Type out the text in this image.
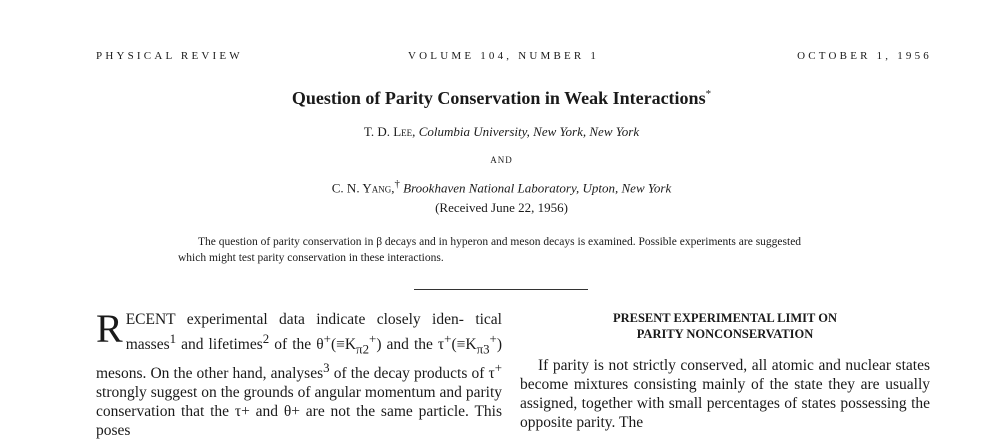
PHYSICAL REVIEW	VOLUME 104, NUMBER 1	OCTOBER 1, 1956
Question of Parity Conservation in Weak Interactions*
T. D. Lee, Columbia University, New York, New York
AND
C. N. Yang,† Brookhaven National Laboratory, Upton, New York
(Received June 22, 1956)

The question of parity conservation in β decays and in hyperon and meson decays is examined. Possible experiments are suggested which might test parity conservation in these interactions.

RECENT experimental data indicate closely iden- tical masses$^1$ and lifetimes$^2$ of the $\theta^+(\equiv K_{\pi 2}^+)$ and the $\tau^+(\equiv K_{\pi 3}^+)$ mesons. On the other hand, analyses$^3$ of the decay products of τ+ strongly suggest on the grounds of angular momentum and parity conservation that the τ+ and θ+ are not the same particle. This poses

PRESENT EXPERIMENTAL LIMIT ON
PARITY NONCONSERVATION

If parity is not strictly conserved, all atomic and nuclear states become mixtures consisting mainly of the state they are usually assigned, together with small percentages of states possessing the opposite parity. The
